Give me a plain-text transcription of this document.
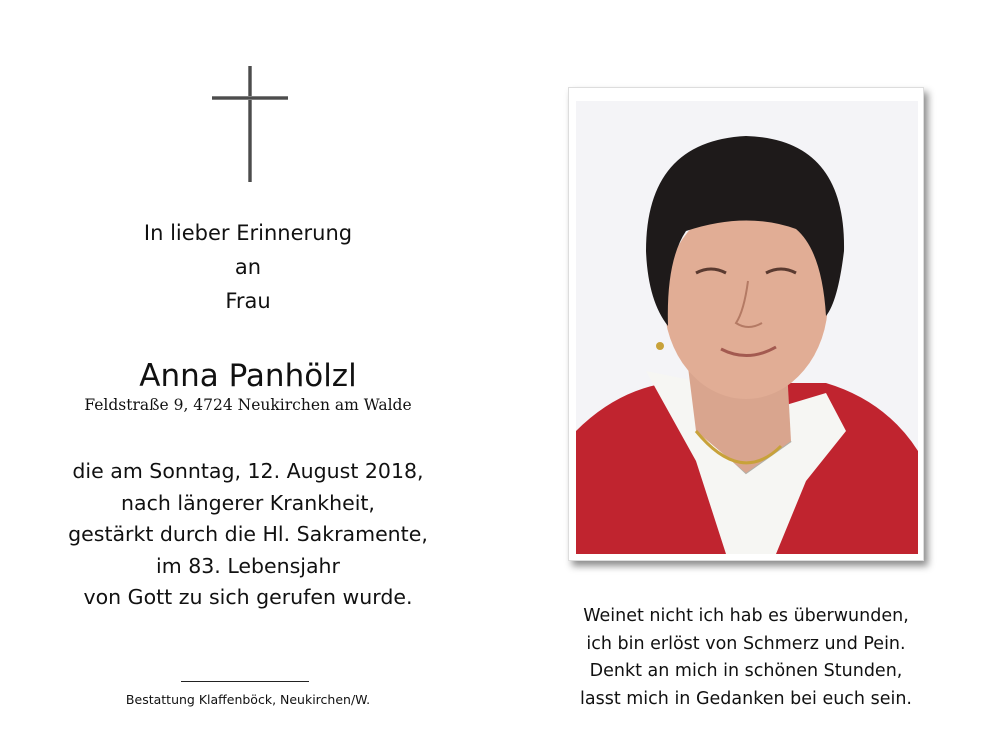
In lieber Erinnerung
an
Frau
Anna Panhölzl
Feldstraße 9, 4724 Neukirchen am Walde
die am Sonntag, 12. August 2018,
nach längerer Krankheit,
gestärkt durch die Hl. Sakramente,
im 83. Lebensjahr
von Gott zu sich gerufen wurde.
Bestattung Klaffenböck, Neukirchen/W.
Weinet nicht ich hab es überwunden,
ich bin erlöst von Schmerz und Pein.
Denkt an mich in schönen Stunden,
lasst mich in Gedanken bei euch sein.
